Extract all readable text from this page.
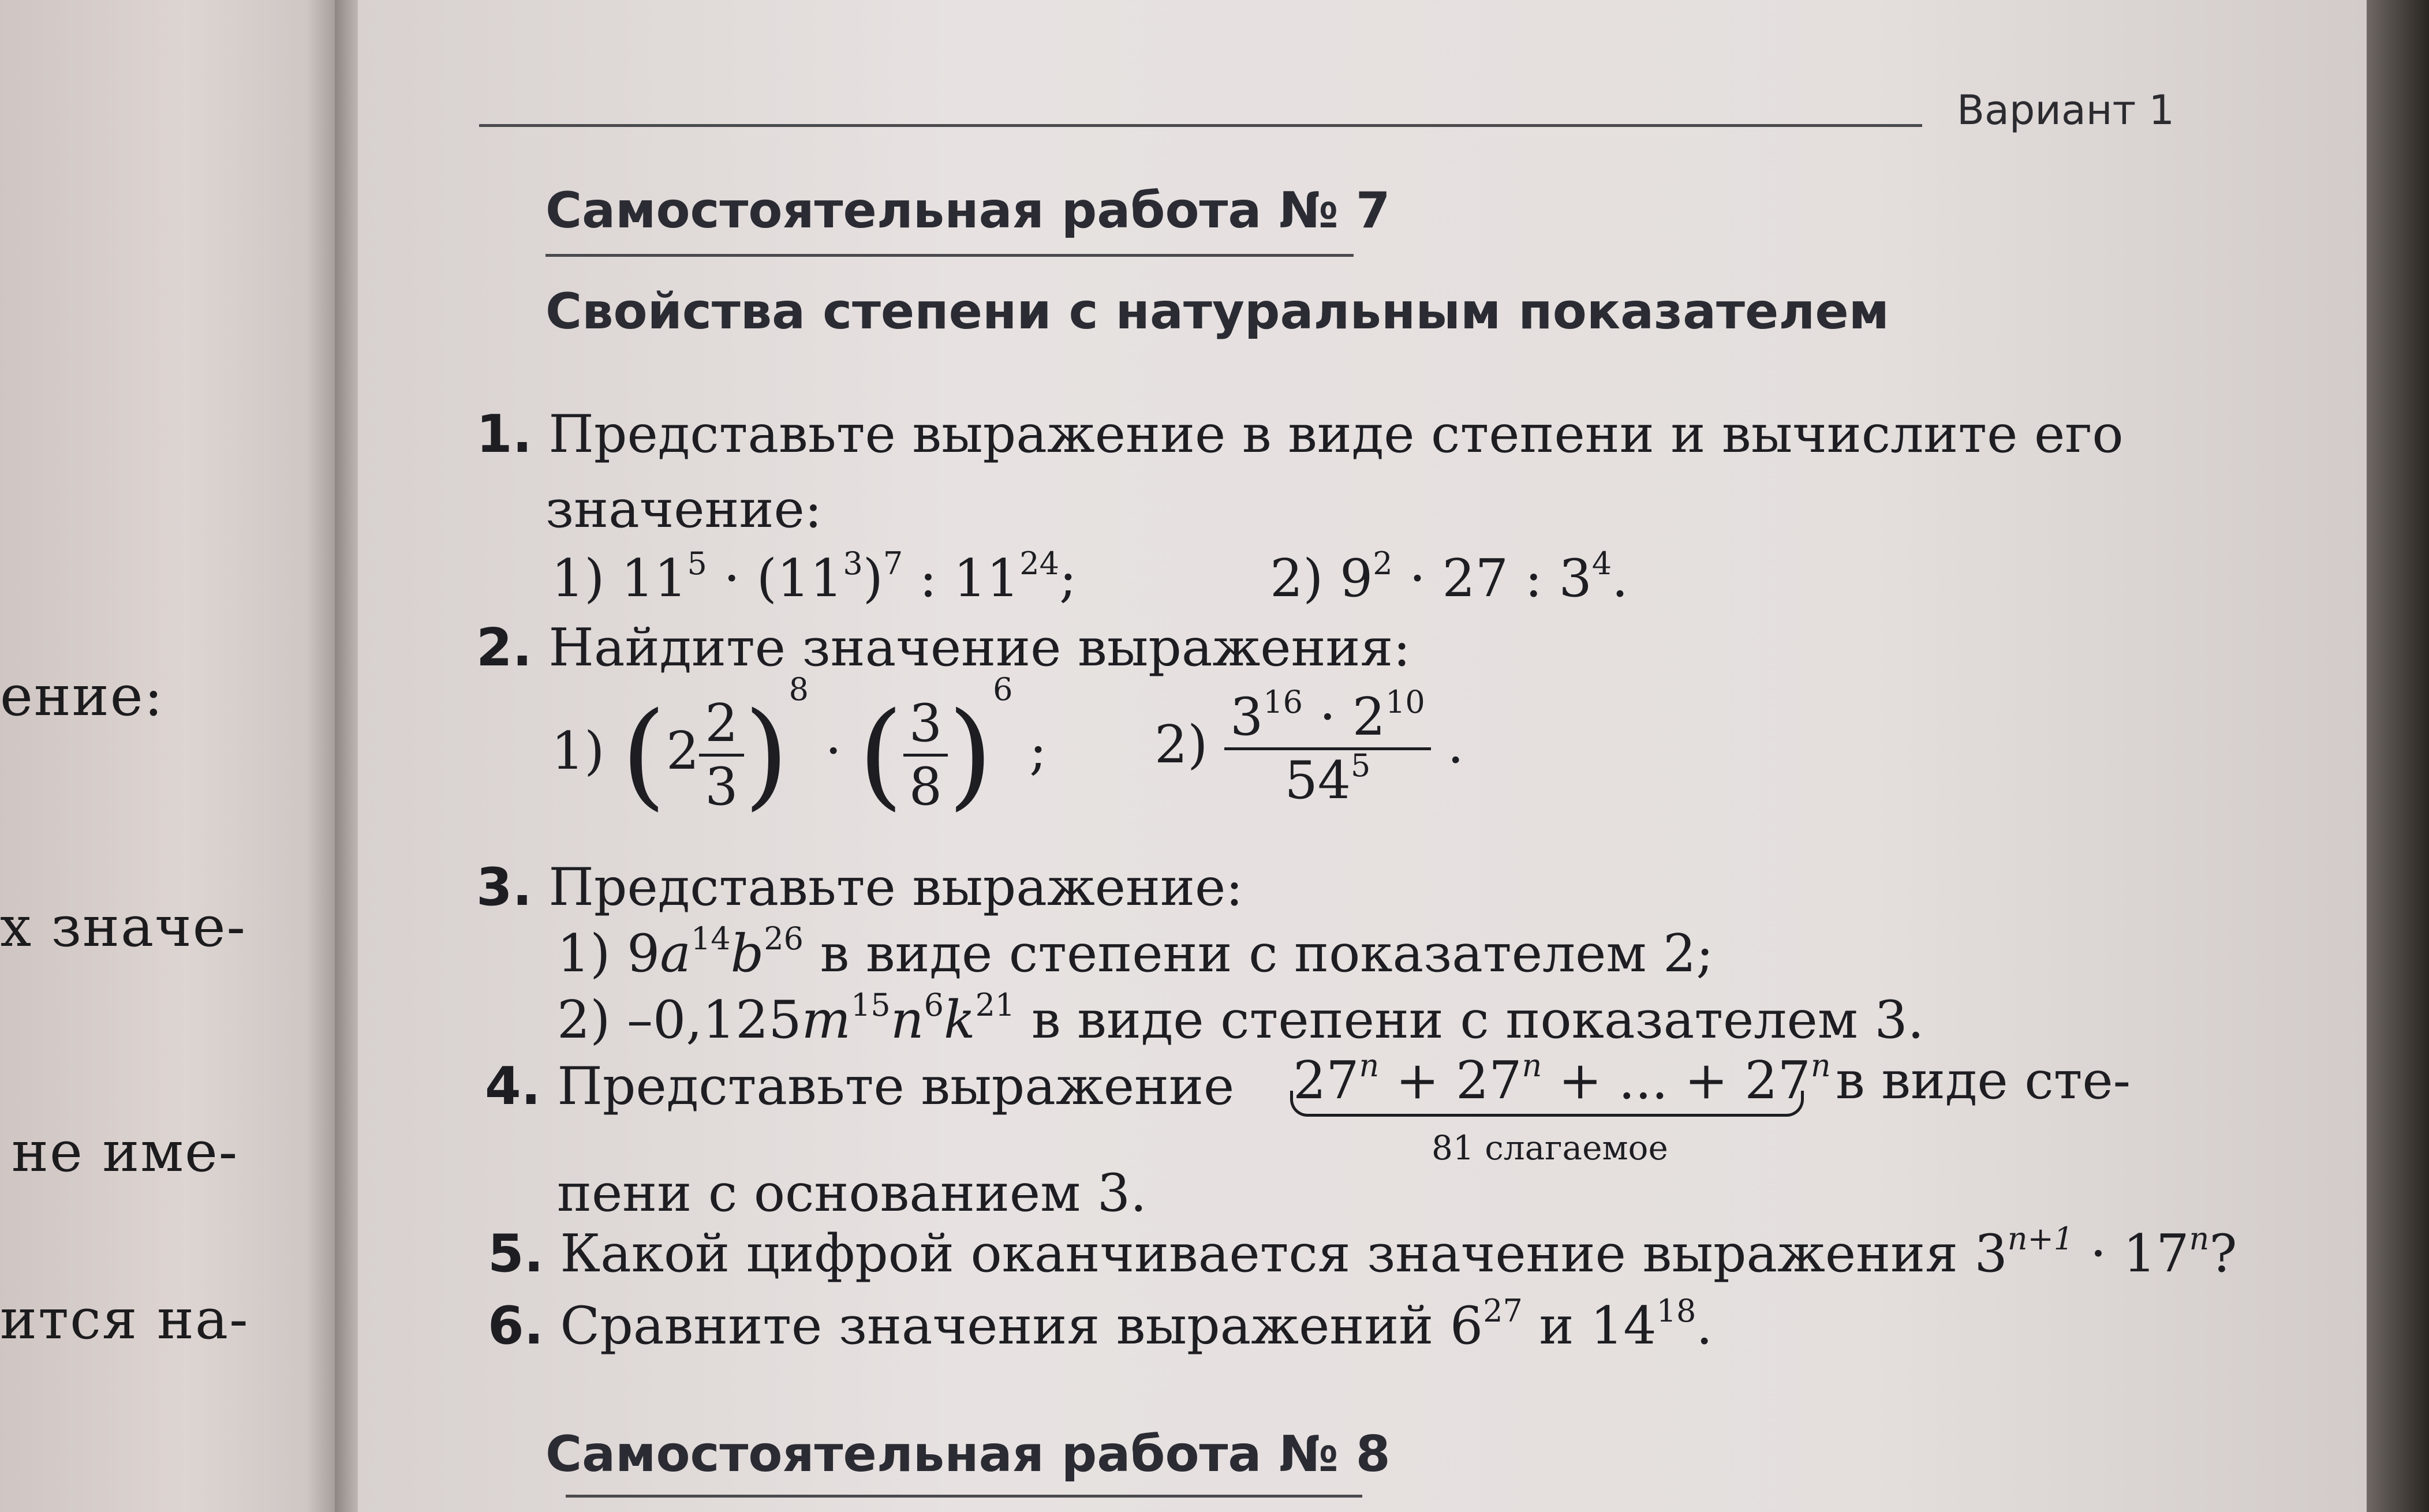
ение:
х значе-
не име-
ится на-
Вариант 1
Самостоятельная работа № 7
Свойства степени с натуральным показателем
1. Представьте выражение в виде степени и вычислите его
значение:
1) $11^5 \cdot (11^3)^7$ : $11^{24}$;	2) $9^2 \cdot 27$ : $3^4$.
2. Найдите значение выражения:
1) $(2 \frac{2}{3} )^8$ · ( $\frac{3}{8} )^6$ ; $2) \frac{3^{16} \cdot 2^{10}}{54^5}$ .
3. Представьте выражение:
1) $9a^{14}b^{26}$ в виде степени с показателем 2;
2) $-0,125m^{15}n^6k^{21}$ в виде степени с показателем 3.
4. Представьте выражение $27^n + 27^n$ + ... + $27^n$
81 слагаемое
в виде сте-
пени с основанием 3.
5. Какой цифрой оканчивается значение выражения $3^{n+1} \cdot 17^n$?
6. Сравните значения выражений $6^{27}$ и $14^{18}$.
Самостоятельная работа № 8
